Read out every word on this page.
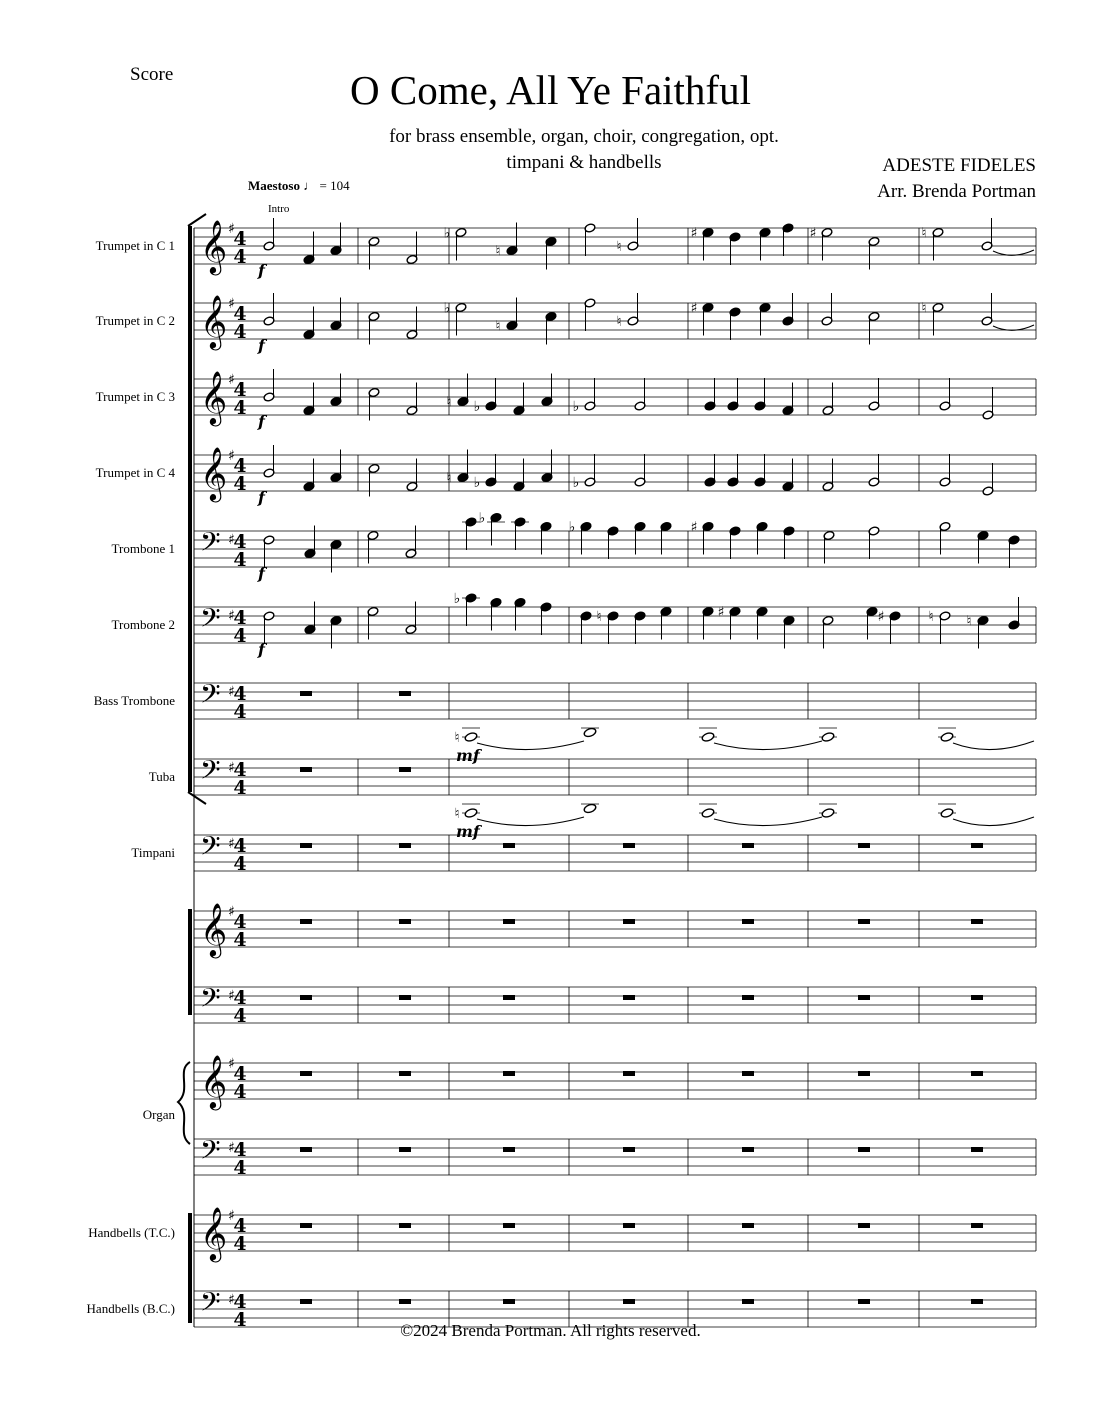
Score	O Come, All Ye Faithful
for brass ensemble, organ, choir, congregation, opt. timpani & handbells	ADESTE FIDELES
Arr. Brenda Portman
Maestoso ♩ = 104
Intro
𝄞 ♯
4
4
Trumpet in C 1
f
♭
♮	♮
♯	♯	♮
𝄞 ♯
4
4
Trumpet in C 2
f
♭
♮	♮
♯	♮
𝄞 ♯
4
4
Trumpet in C 3
f
♮ ♭	♭
𝄞 ♯
4
4
Trumpet in C 4
f
♮ ♭	♭
𝄢 ♯
4
4
Trombone 1
f
♭
♭	♯
𝄢 ♯
4
4
Trombone 2
f
♭
♮	♯	♯	♮ ♮
𝄢 ♯
4
4
Bass Trombone
mf
♮
𝄢 ♯
4
4
Tuba
mf
♮
𝄢 ♯
4
4
Timpani
𝄞 ♯
4
4
𝄢 ♯
4
4
𝄞 ♯
4
4
Organ
𝄢 ♯
4
4
𝄞 ♯
4
4
Handbells (T.C.)
𝄢 ♯
4
4
Handbells (B.C.)
©2024 Brenda Portman. All rights reserved.
